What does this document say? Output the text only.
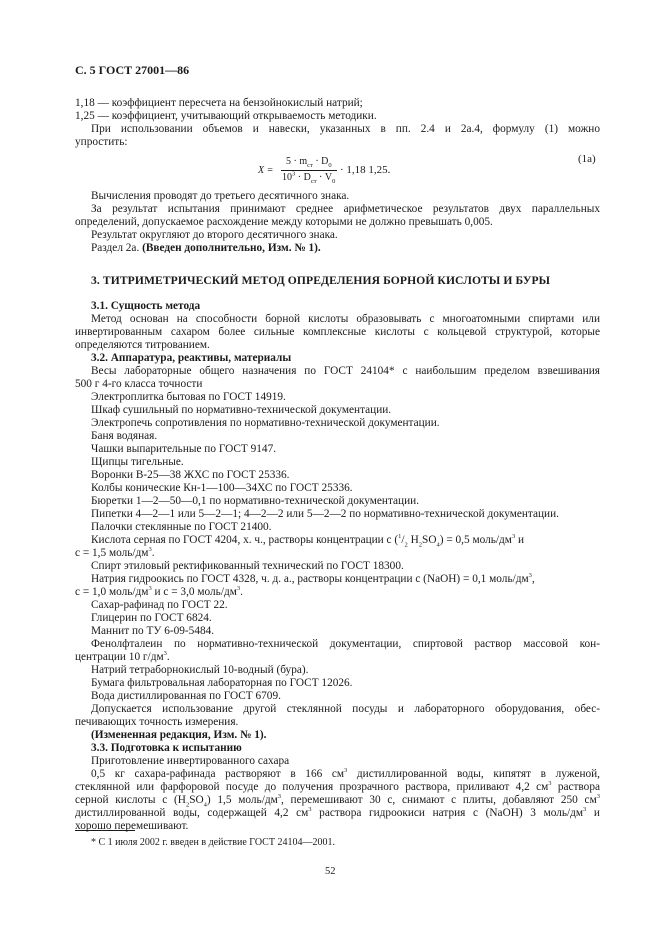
С. 5 ГОСТ 27001—86
1,18 — коэффициент пересчета на бензойнокислый натрий;
1,25 — коэффициент, учитывающий открываемость методики.
При использовании объемов и навески, указанных в пп. 2.4 и 2а.4, формулу (1) можно
упростить:
X =
$5 \cdot m_{ст} \cdot D_0$
$10^3 \cdot D_{ст} \cdot V_0$
· 1,18 1,25.
(1а)
Вычисления проводят до третьего десятичного знака.
За результат испытания принимают среднее арифметическое результатов двух параллельных
определений, допускаемое расхождение между которыми не должно превышать 0,005.
Результат округляют до второго десятичного знака.
Раздел 2а. (Введен дополнительно, Изм. № 1).
3. ТИТРИМЕТРИЧЕСКИЙ МЕТОД ОПРЕДЕЛЕНИЯ БОРНОЙ КИСЛОТЫ И БУРЫ
3.1. Сущность метода
Метод основан на способности борной кислоты образовывать с многоатомными спиртами или
инвертированным сахаром более сильные комплексные кислоты с кольцевой структурой, которые
определяются титрованием.
3.2. Аппаратура, реактивы, материалы
Весы лабораторные общего назначения по ГОСТ 24104* с наибольшим пределом взвешивания
500 г 4-го класса точности
Электроплитка бытовая по ГОСТ 14919.
Шкаф сушильный по нормативно-технической документации.
Электропечь сопротивления по нормативно-технической документации.
Баня водяная.
Чашки выпарительные по ГОСТ 9147.
Щипцы тигельные.
Воронки В-25—38 ЖХС по ГОСТ 25336.
Колбы конические Кн-1—100—34ХС по ГОСТ 25336.
Бюретки 1—2—50—0,1 по нормативно-технической документации.
Пипетки 4—2—1 или 5—2—1; 4—2—2 или 5—2—2 по нормативно-технической документации.
Палочки стеклянные по ГОСТ 21400.
Кислота серная по ГОСТ 4204, х. ч., растворы концентрации c ($^1/_2$ $H_2SO_4) = 0,5$ моль/$дм^3$ и
c = 1,5 моль/$дм^3$.
Спирт этиловый ректификованный технический по ГОСТ 18300.
Натрия гидроокись по ГОСТ 4328, ч. д. а., растворы концентрации c (NaOH) = 0,1 моль/$дм^3$,
c = 1,0 моль/$дм^3$ и c = 3,0 моль/$дм^3$.
Сахар-рафинад по ГОСТ 22.
Глицерин по ГОСТ 6824.
Маннит по ТУ 6-09-5484.
Фенолфталеин по нормативно-технической документации, спиртовой раствор массовой кон-
центрации 10 $г/дм^3$.
Натрий тетраборнокислый 10-водный (бура).
Бумага фильтровальная лабораторная по ГОСТ 12026.
Вода дистиллированная по ГОСТ 6709.
Допускается использование другой стеклянной посуды и лабораторного оборудования, обес-
печивающих точность измерения.
(Измененная редакция, Изм. № 1).
3.3. Подготовка к испытанию
Приготовление инвертированного сахара
0,5 кг сахара-рафинада растворяют в 166 $см^3$ дистиллированной воды, кипятят в луженой,
стеклянной или фарфоровой посуде до получения прозрачного раствора, приливают 4,2 $см^3$ раствора
серной кислоты c $(H_2SO_4)$ 1,5 моль/$дм^3$, перемешивают 30 с, снимают с плиты, добавляют 250 $см^3$
дистиллированной воды, содержащей 4,2 $см^3$ раствора гидроокиси натрия c (NaOH) 3 моль/$дм^3$ и
хорошо перемешивают.
* С 1 июля 2002 г. введен в действие ГОСТ 24104—2001.
52
